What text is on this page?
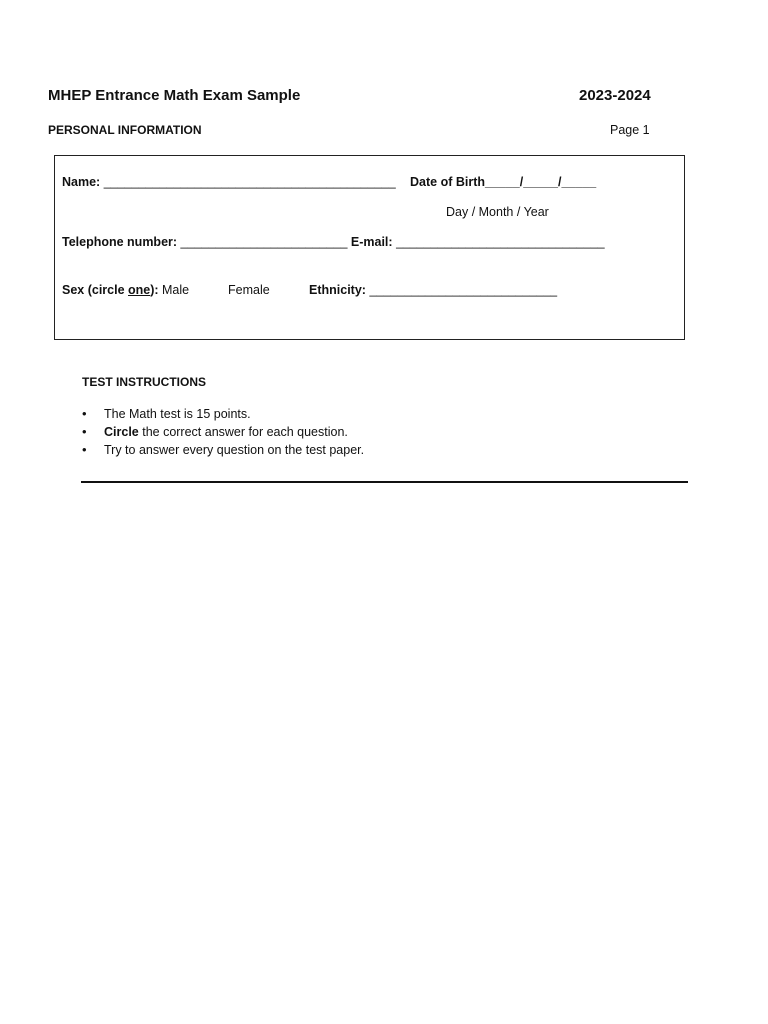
MHEP Entrance Math Exam Sample	2023-2024
PERSONAL INFORMATION	Page 1
Name: __________________________________________ Date of Birth_____/_____/_____
Day / Month / Year
Telephone number: ________________________ E-mail: ______________________________
Sex (circle one): Male	Female	Ethnicity: ___________________________
TEST INSTRUCTIONS
• The Math test is 15 points.
• Circle the correct answer for each question.
• Try to answer every question on the test paper.
